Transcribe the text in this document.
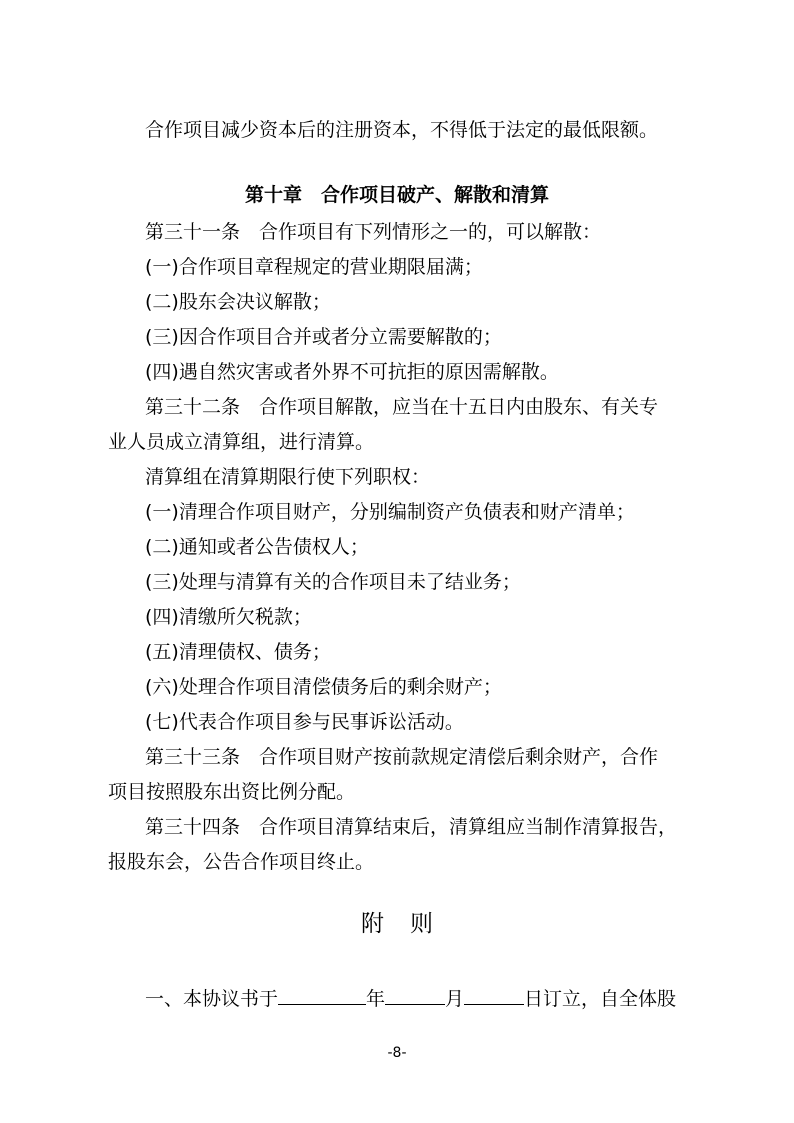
合作项目减少资本后的注册资本，不得低于法定的最低限额。
第十章　合作项目破产、解散和清算
第三十一条　合作项目有下列情形之一的，可以解散：
(一)合作项目章程规定的营业期限届满；
(二)股东会决议解散；
(三)因合作项目合并或者分立需要解散的；
(四)遇自然灾害或者外界不可抗拒的原因需解散。
第三十二条　合作项目解散，应当在十五日内由股东、有关专
业人员成立清算组，进行清算。
清算组在清算期限行使下列职权：
(一)清理合作项目财产，分别编制资产负债表和财产清单；
(二)通知或者公告债权人；
(三)处理与清算有关的合作项目未了结业务；
(四)清缴所欠税款；
(五)清理债权、债务；
(六)处理合作项目清偿债务后的剩余财产；
(七)代表合作项目参与民事诉讼活动。
第三十三条　合作项目财产按前款规定清偿后剩余财产，合作
项目按照股东出资比例分配。
第三十四条　合作项目清算结束后，清算组应当制作清算报告，
报股东会，公告合作项目终止。
附则
一、本协议书于	年	月	日订立，自全体股
-8-
